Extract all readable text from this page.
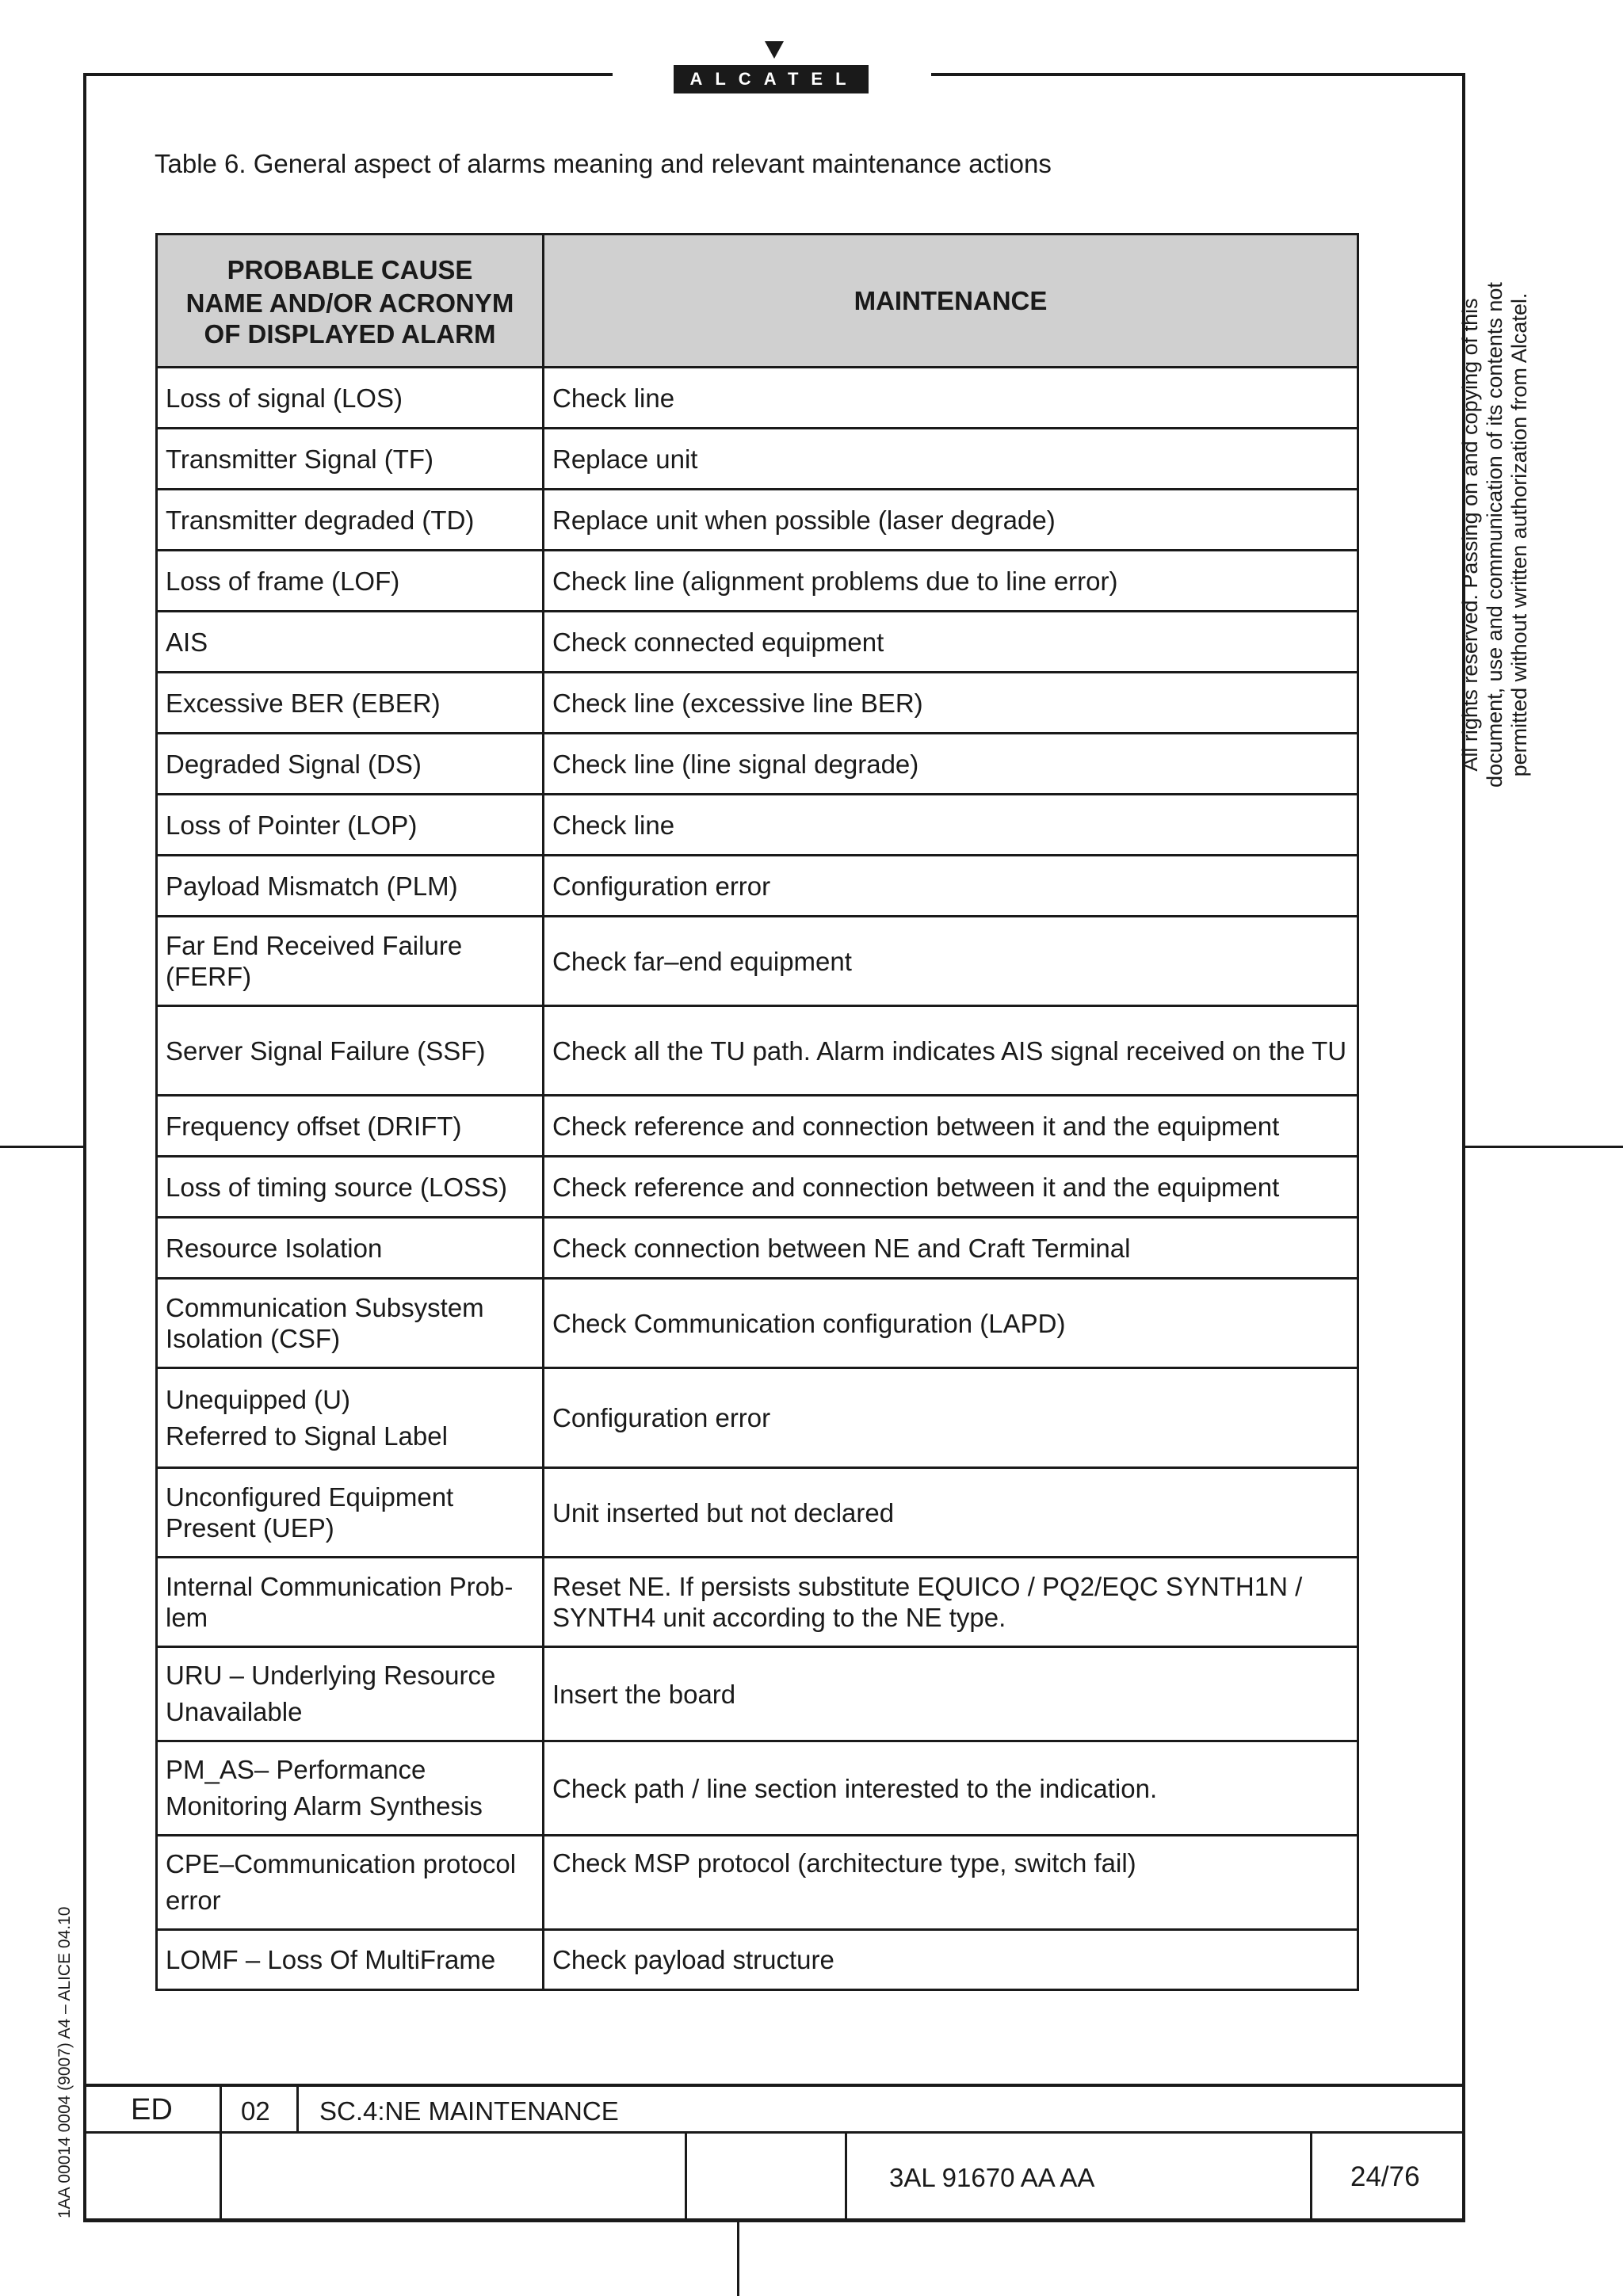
ALCATEL
Table 6. General aspect of alarms meaning and relevant maintenance actions
PROBABLE CAUSE
NAME AND/OR ACRONYM
OF DISPLAYED ALARM	MAINTENANCE
Loss of signal (LOS)	Check line
Transmitter Signal (TF)	Replace unit
Transmitter degraded (TD)	Replace unit when possible (laser degrade)
Loss of frame (LOF)	Check line (alignment problems due to line error)
AIS	Check connected equipment
Excessive BER (EBER)	Check line (excessive line BER)
Degraded Signal (DS)	Check line (line signal degrade)
Loss of Pointer (LOP)	Check line
Payload Mismatch (PLM)	Configuration error
Far End Received Failure (FERF)	Check far–end equipment
Server Signal Failure (SSF)	Check all the TU path. Alarm indicates AIS signal received on the TU
Frequency offset (DRIFT)	Check reference and connection between it and the equipment
Loss of timing source (LOSS)	Check reference and connection between it and the equipment
Resource Isolation	Check connection between NE and Craft Terminal
Communication Subsystem Isolation (CSF)	Check Communication configuration (LAPD)

Unequipped (U)
Referred to Signal Label	Configuration error
Unconfigured Equipment Present (UEP)	Unit inserted but not declared
Internal Communication Prob-lem	Reset NE. If persists substitute EQUICO / PQ2/EQC SYNTH1N / SYNTH4 unit according to the NE type.
URU – Underlying Resource Unavailable	Insert the board
PM_AS– Performance Monitoring Alarm Synthesis	Check path / line section interested to the indication.
CPE–Communication protocol error	Check MSP protocol (architecture type, switch fail)
LOMF – Loss Of MultiFrame	Check payload structure
All rights reserved. Passing on and copying of this document, use and communication of its contents not permitted without written authorization from Alcatel.
1AA 00014 0004 (9007) A4 – ALICE 04.10 ED	02 SC.4:NE MAINTENANCE
3AL 91670 AA AA	24/76
